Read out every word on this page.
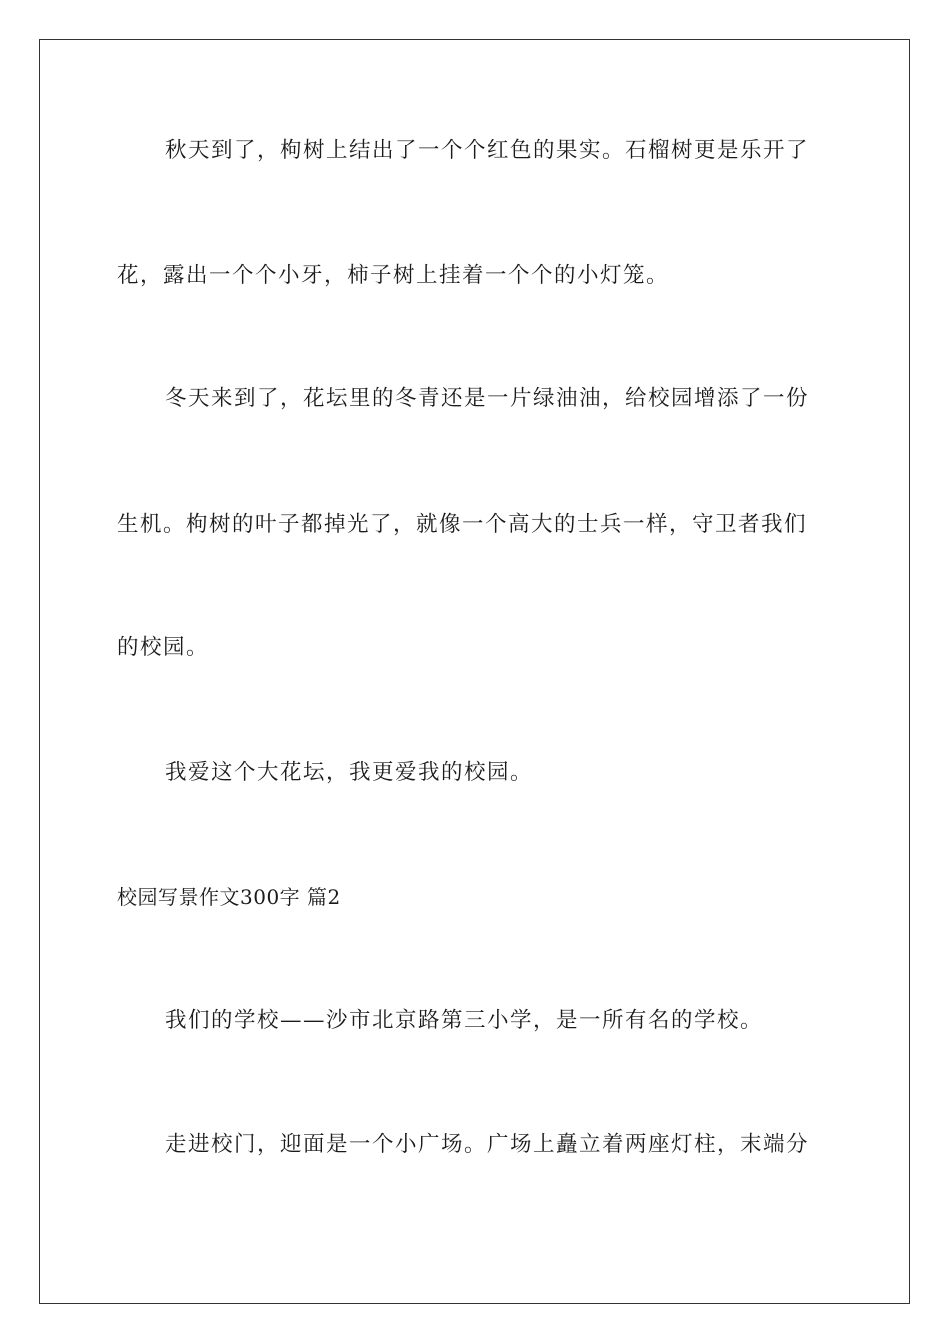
秋天到了，枸树上结出了一个个红色的果实。石榴树更是乐开了
花，露出一个个小牙，柿子树上挂着一个个的小灯笼。
冬天来到了，花坛里的冬青还是一片绿油油，给校园增添了一份
生机。枸树的叶子都掉光了，就像一个高大的士兵一样，守卫者我们
的校园。
我爱这个大花坛，我更爱我的校园。
校园写景作文300字 篇2
我们的学校——沙市北京路第三小学，是一所有名的学校。
走进校门，迎面是一个小广场。广场上矗立着两座灯柱，末端分
